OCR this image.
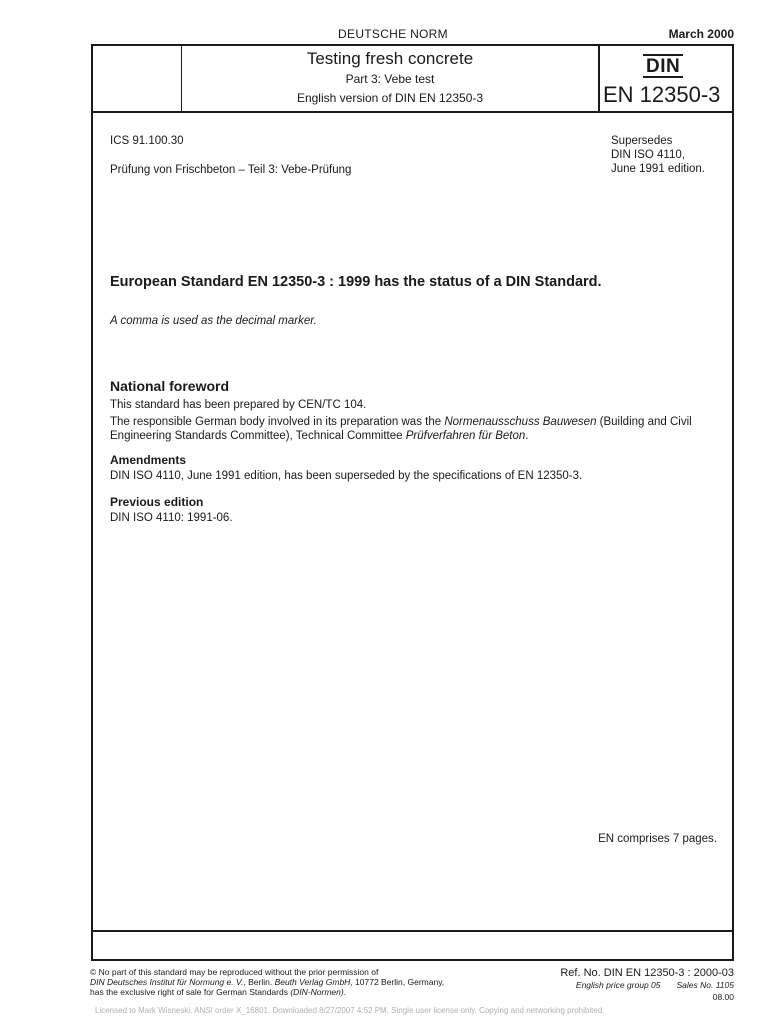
DEUTSCHE NORM	March 2000
Testing fresh concrete
Part 3: Vebe test
English version of DIN EN 12350-3
DIN
EN 12350-3
ICS 91.100.30	Supersedes
DIN ISO 4110,
June 1991 edition.
Prüfung von Frischbeton – Teil 3: Vebe-Prüfung
European Standard EN 12350-3 : 1999 has the status of a DIN Standard.
A comma is used as the decimal marker.
National foreword
This standard has been prepared by CEN/TC 104.
The responsible German body involved in its preparation was the Normenausschuss Bauwesen (Building and Civil Engineering Standards Committee), Technical Committee Prüfverfahren für Beton.
Amendments
DIN ISO 4110, June 1991 edition, has been superseded by the specifications of EN 12350-3.
Previous edition
DIN ISO 4110: 1991-06.
EN comprises 7 pages.
© No part of this standard may be reproduced without the prior permission of
DIN Deutsches Institut für Normung e. V., Berlin. Beuth Verlag GmbH, 10772 Berlin, Germany,
has the exclusive right of sale for German Standards (DIN-Normen).
Ref. No. DIN EN 12350-3 : 2000-03
English price group 05 Sales No. 1105
08.00
Licensed to Mark Wisneski. ANSI order X_16801. Downloaded 8/27/2007 4:52 PM. Single user license only. Copying and networking prohibited.
